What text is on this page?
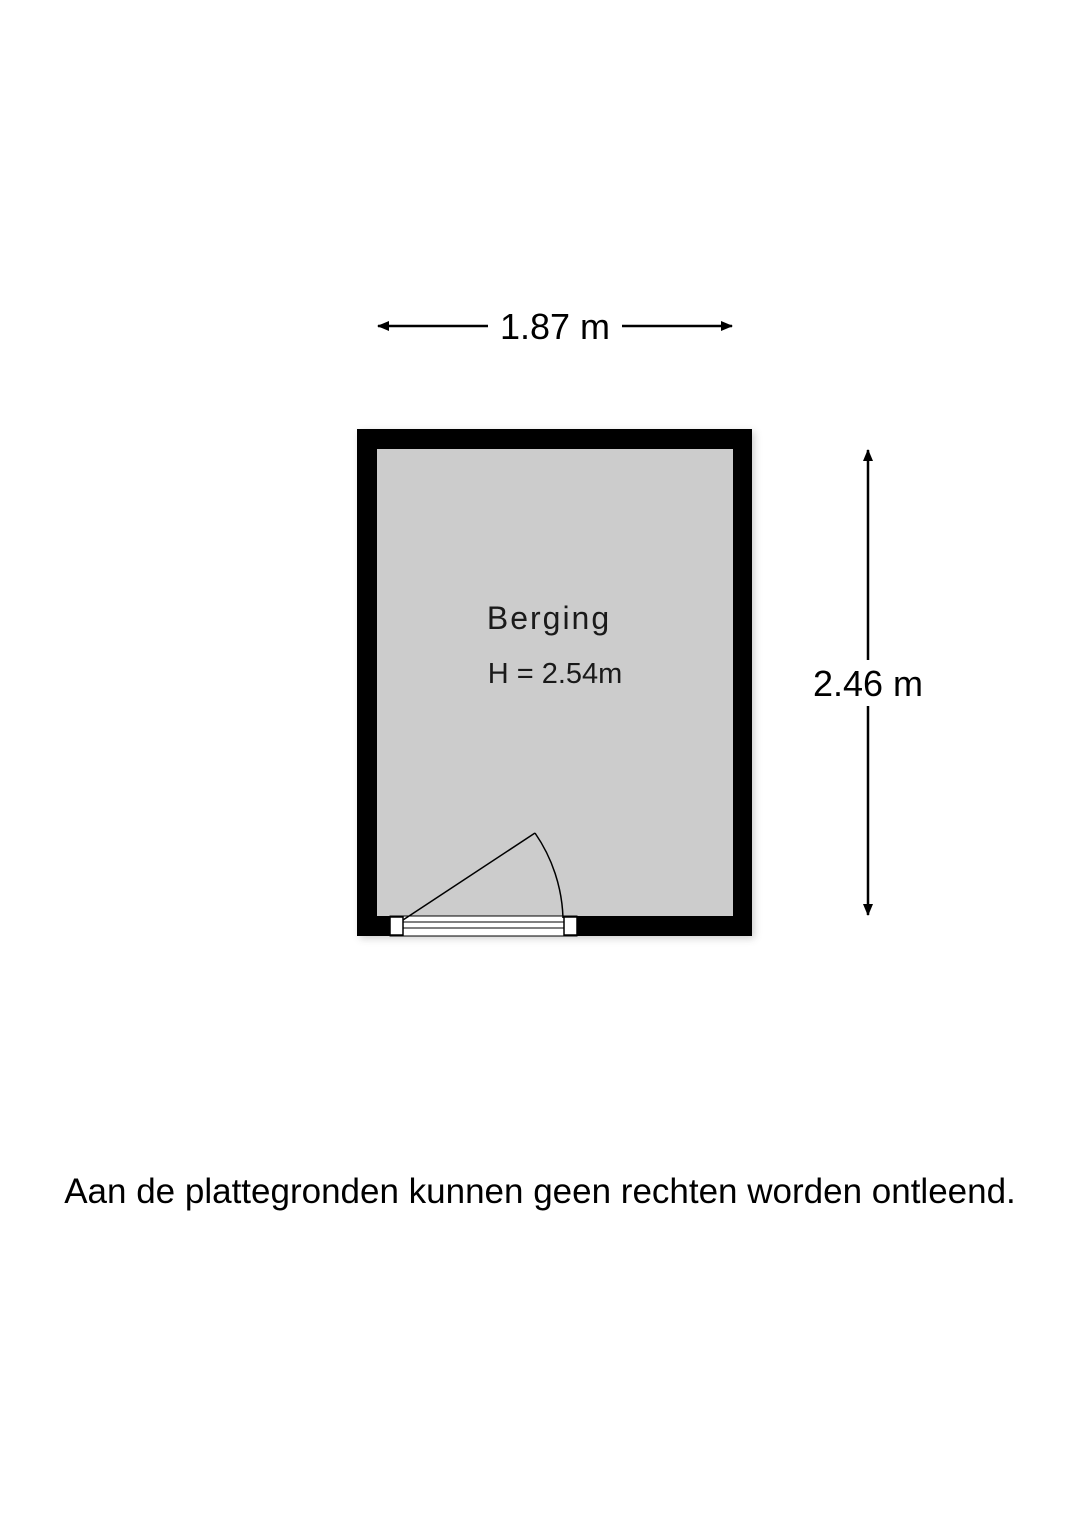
1.87 m
2.46 m
Berging
H = 2.54m
Aan de plattegronden kunnen geen rechten worden ontleend.
